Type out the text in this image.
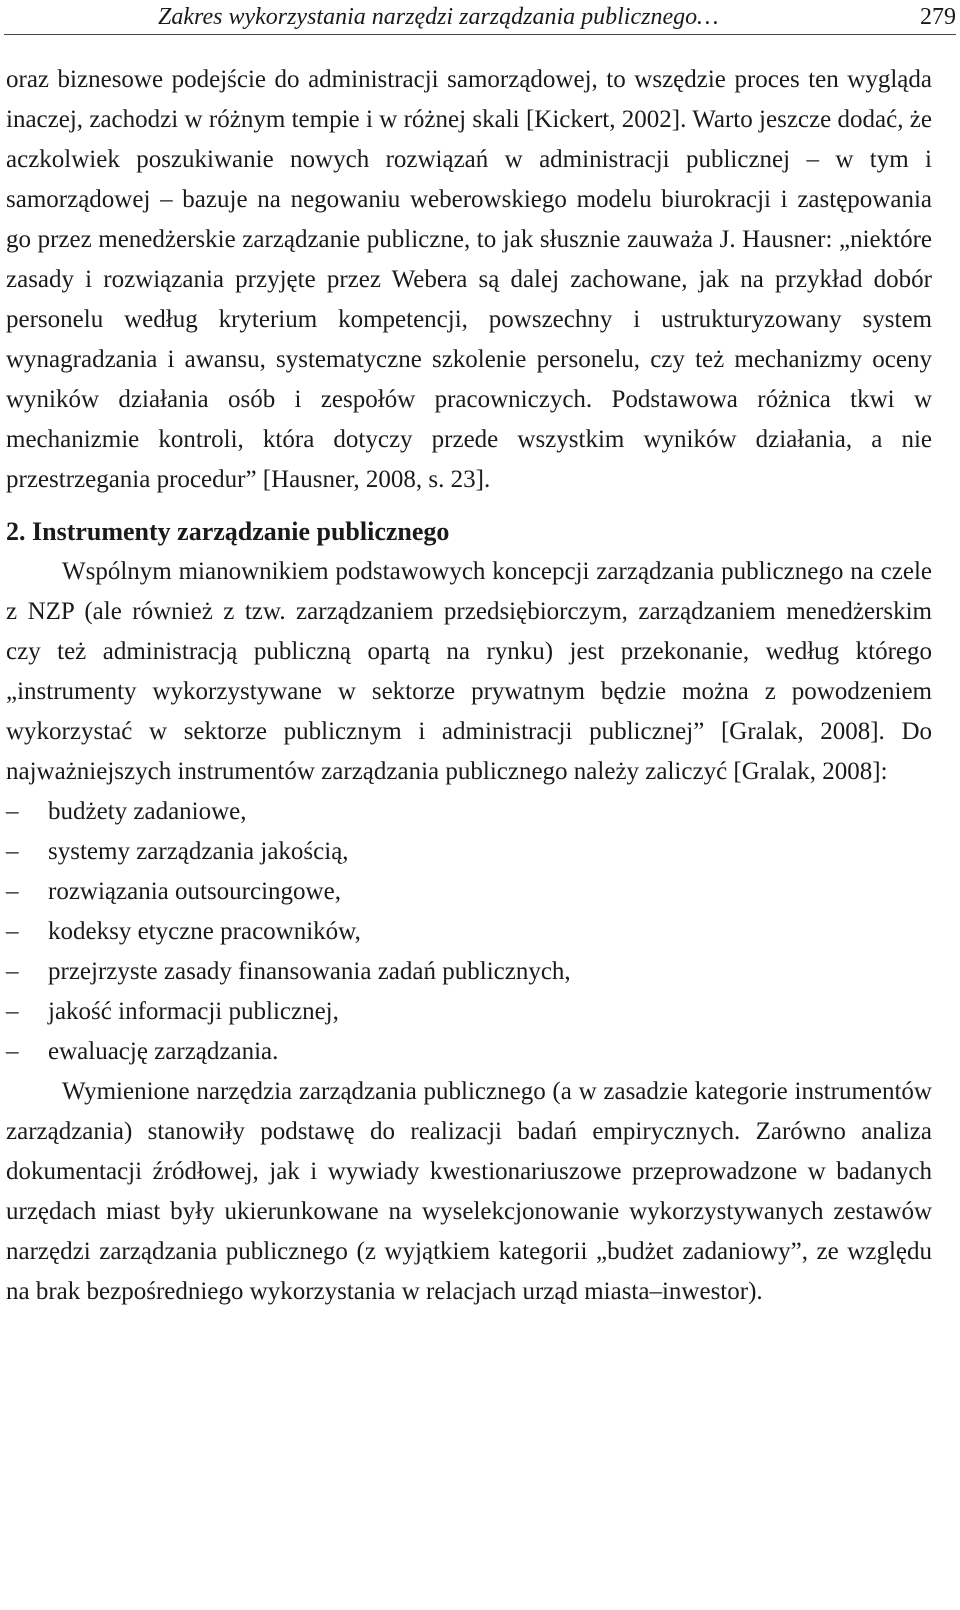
Zakres wykorzystania narzędzi zarządzania publicznego…	279

oraz biznesowe podejście do administracji samorządowej, to wszędzie proces ten wygląda inaczej, zachodzi w różnym tempie i w różnej skali [Kickert, 2002]. Warto jeszcze dodać, że aczkolwiek poszukiwanie nowych rozwiązań w administracji publicznej – w tym i samorządowej – bazuje na negowaniu weberowskiego modelu biurokracji i zastępowania go przez menedżerskie zarządzanie publiczne, to jak słusznie zauważa J. Hausner: „niektóre zasady i rozwiązania przyjęte przez Webera są dalej zachowane, jak na przykład dobór personelu według kryterium kompetencji, powszechny i ustrukturyzowany system wynagradzania i awansu, systematyczne szkolenie personelu, czy też mechanizmy oceny wyników działania osób i zespołów pracowniczych. Podstawowa różnica tkwi w mechanizmie kontroli, która dotyczy przede wszystkim wyników działania, a nie przestrzegania procedur” [Hausner, 2008, s. 23].

2. Instrumenty zarządzanie publicznego

Wspólnym mianownikiem podstawowych koncepcji zarządzania publicznego na czele z NZP (ale również z tzw. zarządzaniem przedsiębiorczym, zarządzaniem menedżerskim czy też administracją publiczną opartą na rynku) jest przekonanie, według którego „instrumenty wykorzystywane w sektorze prywatnym będzie można z powodzeniem wykorzystać w sektorze publicznym i administracji publicznej” [Gralak, 2008]. Do najważniejszych instrumentów zarządzania publicznego należy zaliczyć [Gralak, 2008]:

– budżety zadaniowe,
– systemy zarządzania jakością,
– rozwiązania outsourcingowe,
– kodeksy etyczne pracowników,
– przejrzyste zasady finansowania zadań publicznych,
– jakość informacji publicznej,
– ewaluację zarządzania.

Wymienione narzędzia zarządzania publicznego (a w zasadzie kategorie instrumentów zarządzania) stanowiły podstawę do realizacji badań empirycznych. Zarówno analiza dokumentacji źródłowej, jak i wywiady kwestionariuszowe przeprowadzone w badanych urzędach miast były ukierunkowane na wyselekcjonowanie wykorzystywanych zestawów narzędzi zarządzania publicznego (z wyjątkiem kategorii „budżet zadaniowy”, ze względu na brak bezpośredniego wykorzystania w relacjach urząd miasta–inwestor).
